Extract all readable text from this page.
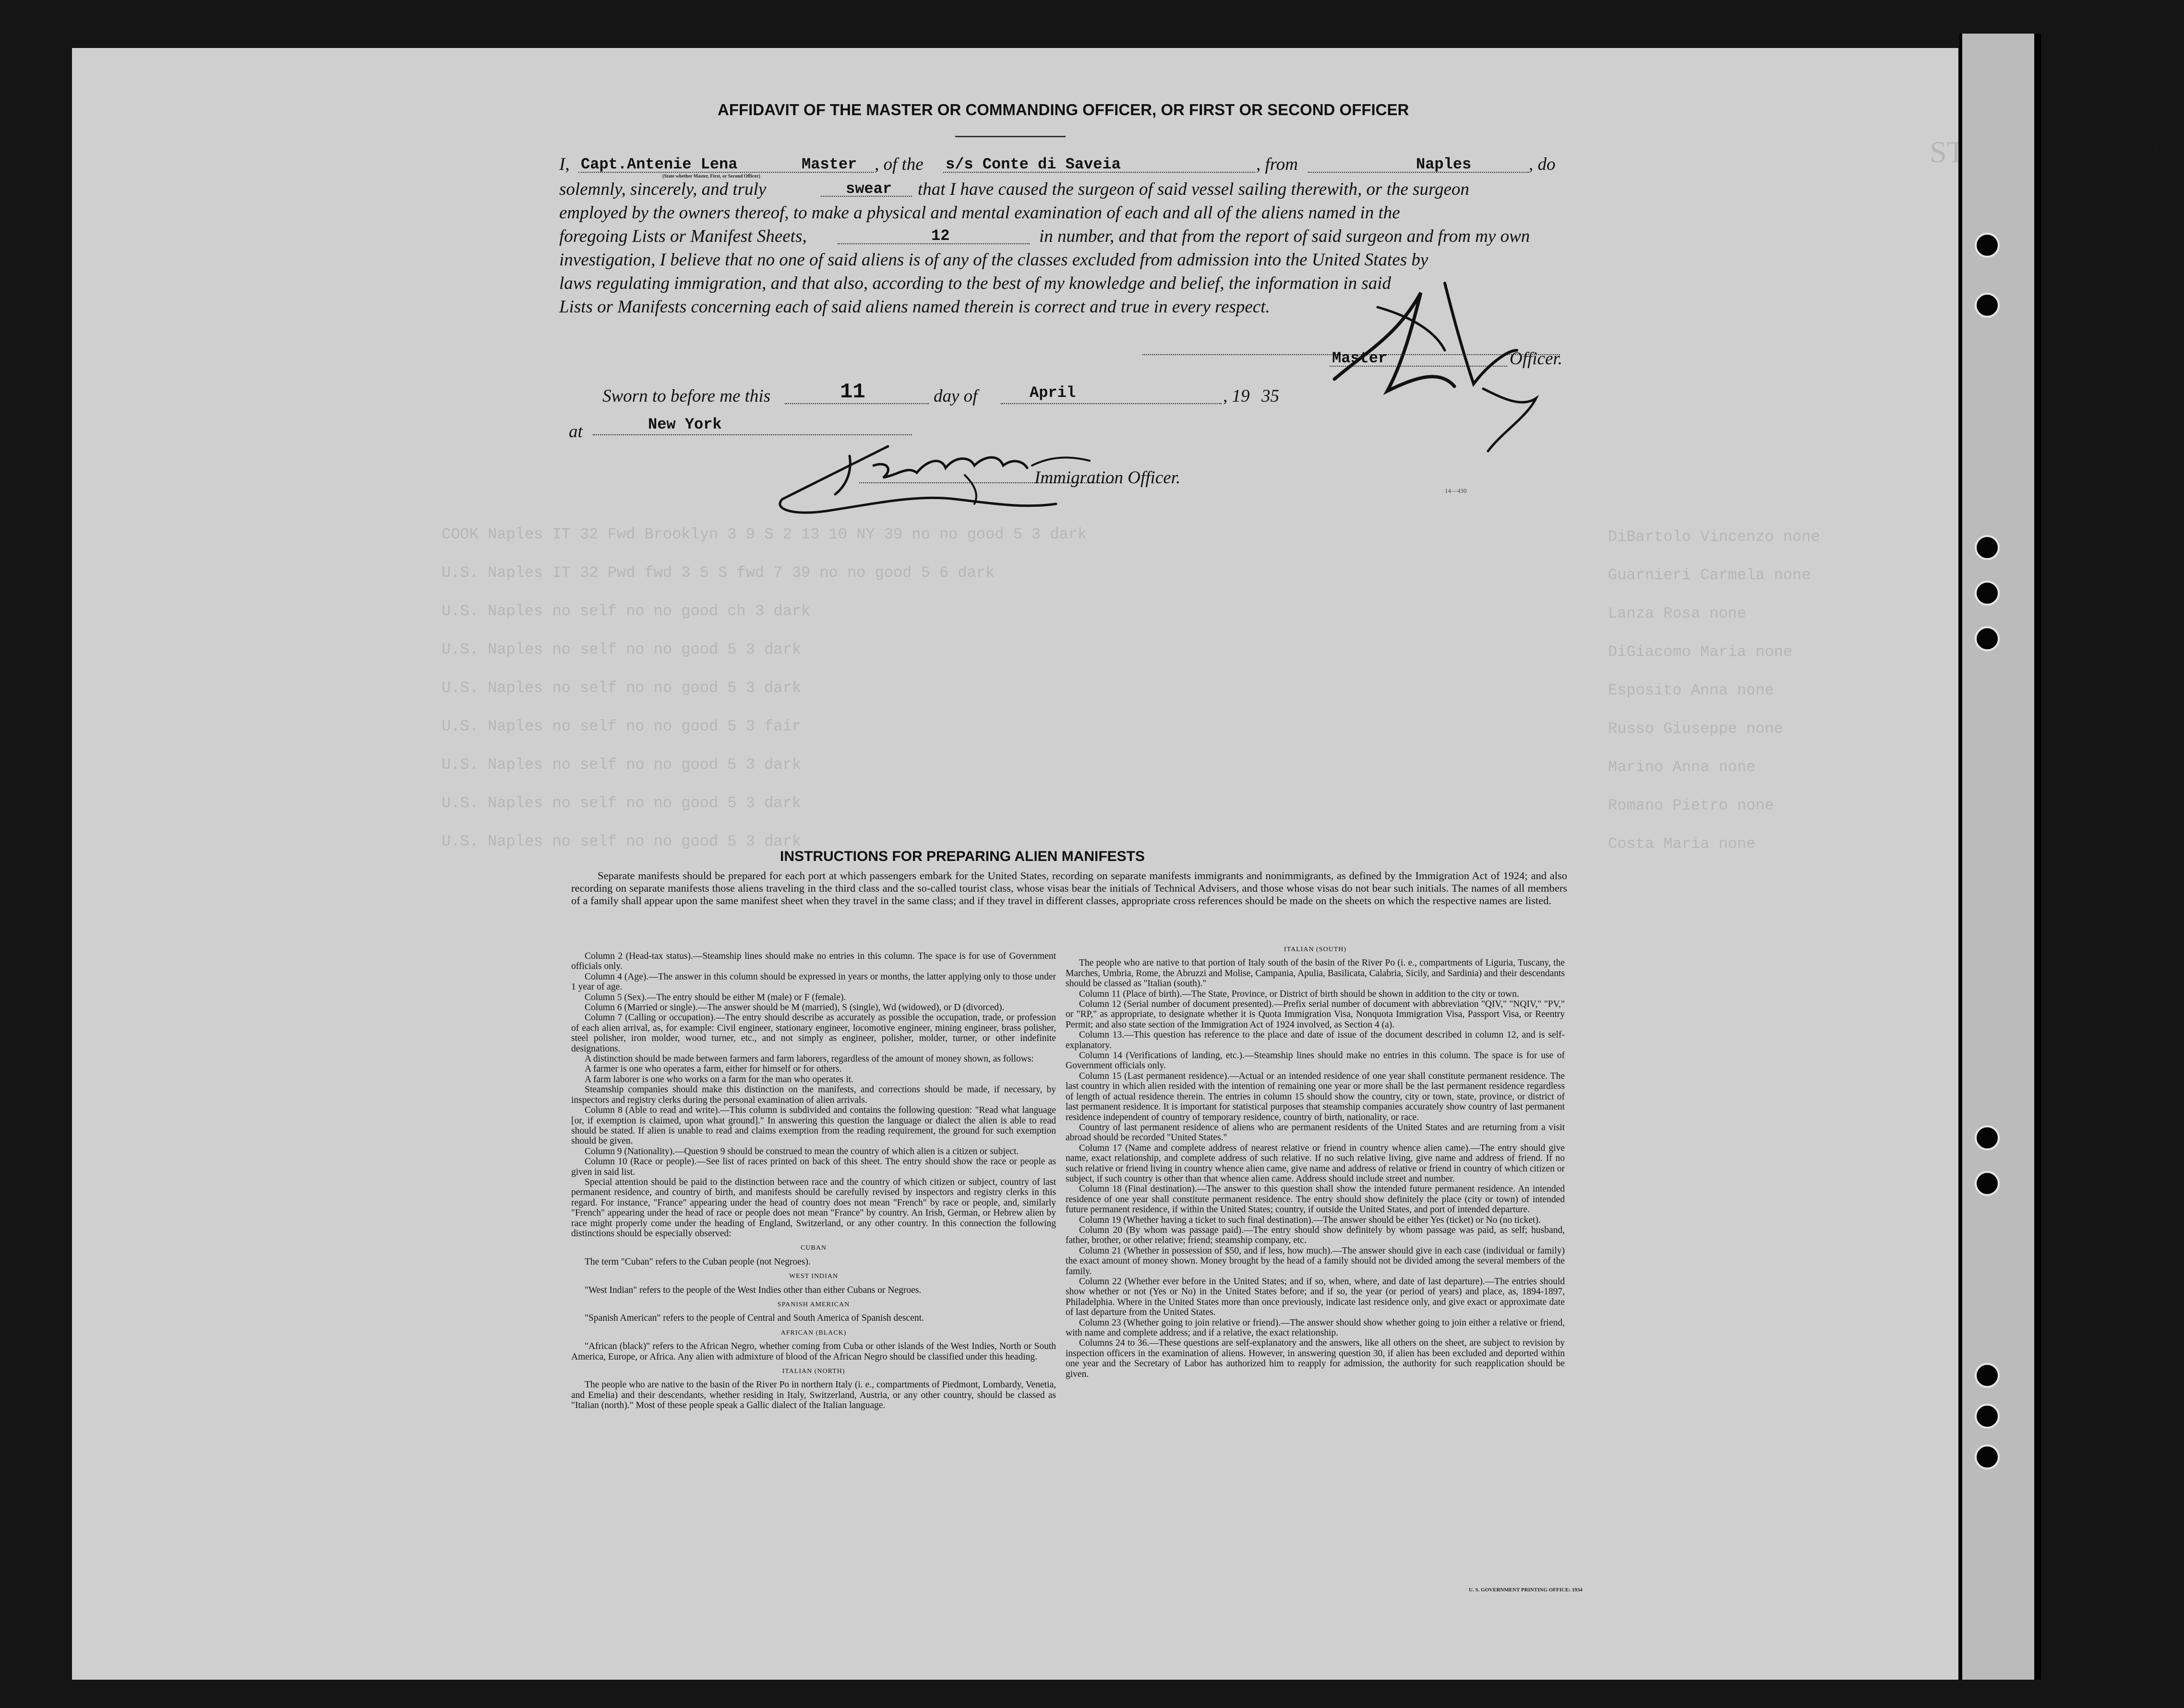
STATES IMMIGRA
COOK Naples IT 32 Fwd Brooklyn 3 9 S 2 13 10 NY 39 no no good 5 3 dark
U.S. Naples IT 32 Pwd fwd 3 5 S fwd 7 39 no no good 5 6 dark
U.S. Naples no self no no good ch 3 dark
U.S. Naples no self no no good 5 3 dark
U.S. Naples no self no no good 5 3 dark
U.S. Naples no self no no good 5 3 fair
U.S. Naples no self no no good 5 3 dark
U.S. Naples no self no no good 5 3 dark
U.S. Naples no self no no good 5 3 dark
DiBartolo Vincenzo none
Guarnieri Carmela none
Lanza Rosa none
DiGiacomo Maria none
Esposito Anna none
Russo Giuseppe none
Marino Anna none
Romano Pietro none
Costa Maria none
AFFIDAVIT OF THE MASTER OR COMMANDING OFFICER, OR FIRST OR SECOND OFFICER
I, Capt.Antenie Lena	Master
(State whether Master, First, or Second Officer)
, of the s/s Conte di Saveia	, from	Naples	, do
solemnly, sincerely, and truly	swear that I have caused the surgeon of said vessel sailing therewith, or the surgeon
employed by the owners thereof, to make a physical and mental examination of each and all of the aliens named in the
foregoing Lists or Manifest Sheets,	12	in number, and that from the report of said surgeon and from my own
investigation, I believe that no one of said aliens is of any of the classes excluded from admission into the United States by
laws regulating immigration, and that also, according to the best of my knowledge and belief, the information in said
Lists or Manifests concerning each of said aliens named therein is correct and true in every respect.
Master	Officer.
Sworn to before me this	11	day of	April	, 19 35
at	New York
Immigration Officer.
14—430
INSTRUCTIONS FOR PREPARING ALIEN MANIFESTS
Separate manifests should be prepared for each port at which passengers embark for the United States, recording on separate manifests immigrants and nonimmigrants, as defined by the Immigration Act of 1924; and also recording on separate manifests those aliens traveling in the third class and the so-called tourist class, whose visas bear the initials of Technical Advisers, and those whose visas do not bear such initials. The names of all members of a family shall appear upon the same manifest sheet when they travel in the same class; and if they travel in different classes, appropriate cross references should be made on the sheets on which the respective names are listed.

Column 2 (Head-tax status).—Steamship lines should make no entries in this column. The space is for use of Government officials only.

Column 4 (Age).—The answer in this column should be expressed in years or months, the latter applying only to those under 1 year of age.

Column 5 (Sex).—The entry should be either M (male) or F (female).

Column 6 (Married or single).—The answer should be M (married), S (single), Wd (widowed), or D (divorced).

Column 7 (Calling or occupation).—The entry should describe as accurately as possible the occupation, trade, or profession of each alien arrival, as, for example: Civil engineer, stationary engineer, locomotive engineer, mining engineer, brass polisher, steel polisher, iron molder, wood turner, etc., and not simply as engineer, polisher, molder, turner, or other indefinite designations.

A distinction should be made between farmers and farm laborers, regardless of the amount of money shown, as follows:

A farmer is one who operates a farm, either for himself or for others.

A farm laborer is one who works on a farm for the man who operates it.

Steamship companies should make this distinction on the manifests, and corrections should be made, if necessary, by inspectors and registry clerks during the personal examination of alien arrivals.

Column 8 (Able to read and write).—This column is subdivided and contains the following question: "Read what language [or, if exemption is claimed, upon what ground]." In answering this question the language or dialect the alien is able to read should be stated. If alien is unable to read and claims exemption from the reading requirement, the ground for such exemption should be given.

Column 9 (Nationality).—Question 9 should be construed to mean the country of which alien is a citizen or subject.

Column 10 (Race or people).—See list of races printed on back of this sheet. The entry should show the race or people as given in said list.

Special attention should be paid to the distinction between race and the country of which citizen or subject, country of last permanent residence, and country of birth, and manifests should be carefully revised by inspectors and registry clerks in this regard. For instance, "France" appearing under the head of country does not mean "French" by race or people, and, similarly "French" appearing under the head of race or people does not mean "France" by country. An Irish, German, or Hebrew alien by race might properly come under the heading of England, Switzerland, or any other country. In this connection the following distinctions should be especially observed:

CUBAN

The term "Cuban" refers to the Cuban people (not Negroes).

WEST INDIAN

"West Indian" refers to the people of the West Indies other than either Cubans or Negroes.

SPANISH AMERICAN

"Spanish American" refers to the people of Central and South America of Spanish descent.

AFRICAN (BLACK)

"African (black)" refers to the African Negro, whether coming from Cuba or other islands of the West Indies, North or South America, Europe, or Africa. Any alien with admixture of blood of the African Negro should be classified under this heading.

ITALIAN (NORTH)

The people who are native to the basin of the River Po in northern Italy (i. e., compartments of Piedmont, Lombardy, Venetia, and Emelia) and their descendants, whether residing in Italy, Switzerland, Austria, or any other country, should be classed as "Italian (north)." Most of these people speak a Gallic dialect of the Italian language.

ITALIAN (SOUTH)

The people who are native to that portion of Italy south of the basin of the River Po (i. e., compartments of Liguria, Tuscany, the Marches, Umbria, Rome, the Abruzzi and Molise, Campania, Apulia, Basilicata, Calabria, Sicily, and Sardinia) and their descendants should be classed as "Italian (south)."

Column 11 (Place of birth).—The State, Province, or District of birth should be shown in addition to the city or town.

Column 12 (Serial number of document presented).—Prefix serial number of document with abbreviation "QIV," "NQIV," "PV," or "RP," as appropriate, to designate whether it is Quota Immigration Visa, Nonquota Immigration Visa, Passport Visa, or Reentry Permit; and also state section of the Immigration Act of 1924 involved, as Section 4 (a).

Column 13.—This question has reference to the place and date of issue of the document described in column 12, and is self-explanatory.

Column 14 (Verifications of landing, etc.).—Steamship lines should make no entries in this column. The space is for use of Government officials only.

Column 15 (Last permanent residence).—Actual or an intended residence of one year shall constitute permanent residence. The last country in which alien resided with the intention of remaining one year or more shall be the last permanent residence regardless of length of actual residence therein. The entries in column 15 should show the country, city or town, state, province, or district of last permanent residence. It is important for statistical purposes that steamship companies accurately show country of last permanent residence independent of country of temporary residence, country of birth, nationality, or race.

Country of last permanent residence of aliens who are permanent residents of the United States and are returning from a visit abroad should be recorded "United States."

Column 17 (Name and complete address of nearest relative or friend in country whence alien came).—The entry should give name, exact relationship, and complete address of such relative. If no such relative living, give name and address of friend. If no such relative or friend living in country whence alien came, give name and address of relative or friend in country of which citizen or subject, if such country is other than that whence alien came. Address should include street and number.

Column 18 (Final destination).—The answer to this question shall show the intended future permanent residence. An intended residence of one year shall constitute permanent residence. The entry should show definitely the place (city or town) of intended future permanent residence, if within the United States; country, if outside the United States, and port of intended departure.

Column 19 (Whether having a ticket to such final destination).—The answer should be either Yes (ticket) or No (no ticket).

Column 20 (By whom was passage paid).—The entry should show definitely by whom passage was paid, as self; husband, father, brother, or other relative; friend; steamship company, etc.

Column 21 (Whether in possession of $50, and if less, how much).—The answer should give in each case (individual or family) the exact amount of money shown. Money brought by the head of a family should not be divided among the several members of the family.

Column 22 (Whether ever before in the United States; and if so, when, where, and date of last departure).—The entries should show whether or not (Yes or No) in the United States before; and if so, the year (or period of years) and place, as, 1894-1897, Philadelphia. Where in the United States more than once previously, indicate last residence only, and give exact or approximate date of last departure from the United States.

Column 23 (Whether going to join relative or friend).—The answer should show whether going to join either a relative or friend, with name and complete address; and if a relative, the exact relationship.

Columns 24 to 36.—These questions are self-explanatory and the answers, like all others on the sheet, are subject to revision by inspection officers in the examination of aliens. However, in answering question 30, if alien has been excluded and deported within one year and the Secretary of Labor has authorized him to reapply for admission, the authority for such reapplication should be given.

U. S. GOVERNMENT PRINTING OFFICE: 1934
